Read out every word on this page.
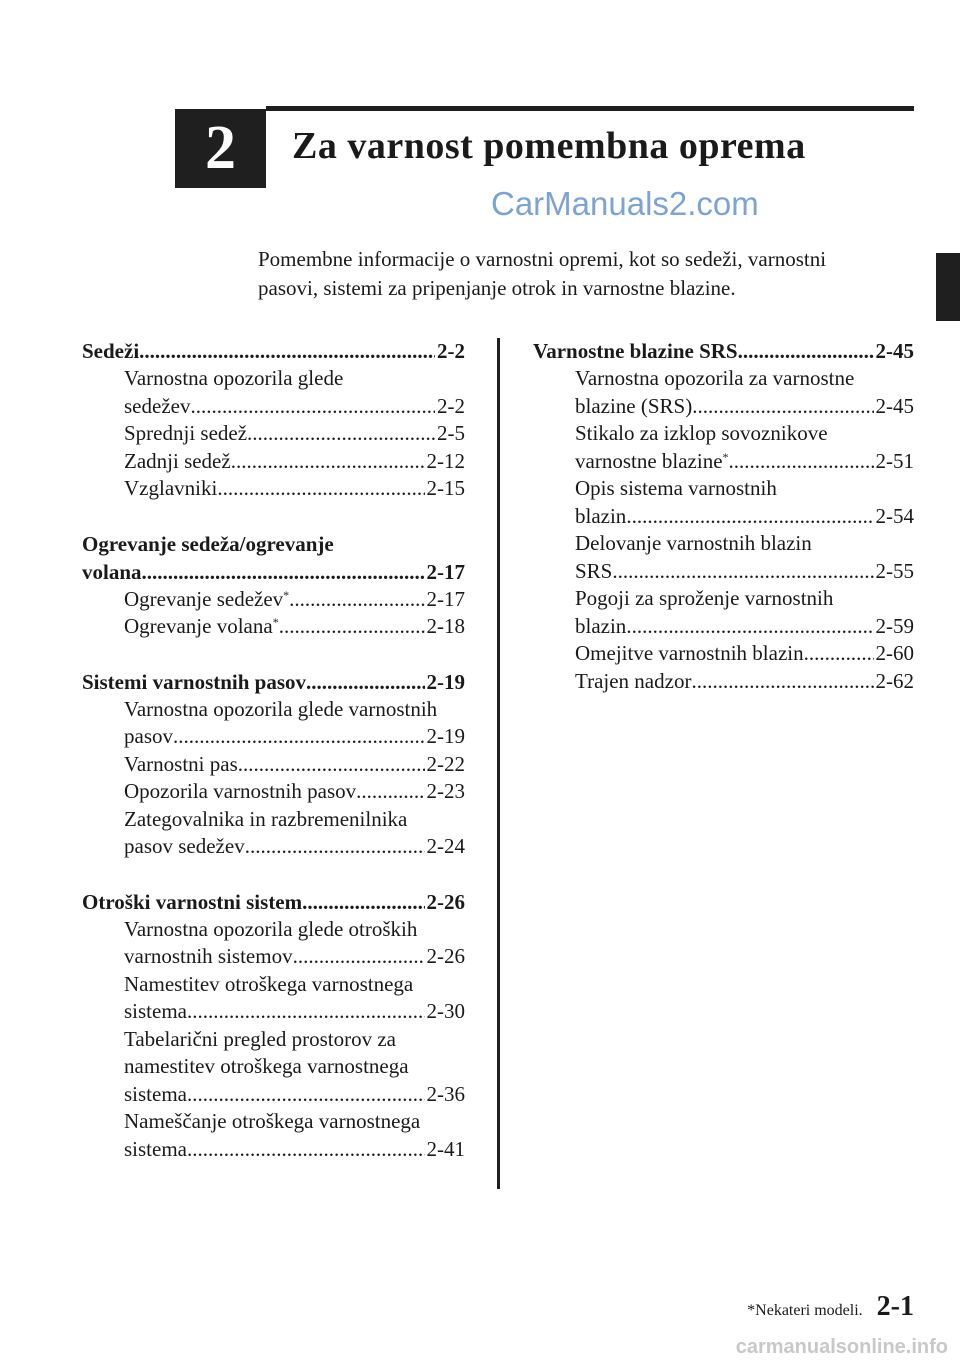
2	Za varnost pomembna oprema
CarManuals2.com
Pomembne informacije o varnostni opremi, kot so sedeži, varnostni
pasovi, sistemi za pripenjanje otrok in varnostne blazine.
Sedeži .....	2-2
Varnostna opozorila glede
sedežev .....	2-2
Sprednji sedež .....	2-5
Zadnji sedež .....	2-12
Vzglavniki .....	2-15
Ogrevanje sedeža/ogrevanje
volana .....	2-17
Ogrevanje sedežev* .....	2-17
Ogrevanje volana* .....	2-18
Sistemi varnostnih pasov .....	2-19
Varnostna opozorila glede varnostnih
pasov .....	2-19
Varnostni pas .....	2-22
Opozorila varnostnih pasov .....	2-23
Zategovalnika in razbremenilnika
pasov sedežev .....	2-24
Otroški varnostni sistem .....	2-26
Varnostna opozorila glede otroških
varnostnih sistemov .....	2-26
Namestitev otroškega varnostnega
sistema .....	2-30
Tabelarični pregled prostorov za
namestitev otroškega varnostnega
sistema .....	2-36
Nameščanje otroškega varnostnega
sistema .....	2-41
Varnostne blazine SRS .....	2-45
Varnostna opozorila za varnostne
blazine (SRS) .....	2-45
Stikalo za izklop sovoznikove
varnostne blazine* .....	2-51
Opis sistema varnostnih
blazin .....	2-54
Delovanje varnostnih blazin
SRS .....	2-55
Pogoji za sproženje varnostnih
blazin .....	2-59
Omejitve varnostnih blazin .....	2-60
Trajen nadzor .....	2-62
*Nekateri modeli. 2-1
carmanualsonline.info
